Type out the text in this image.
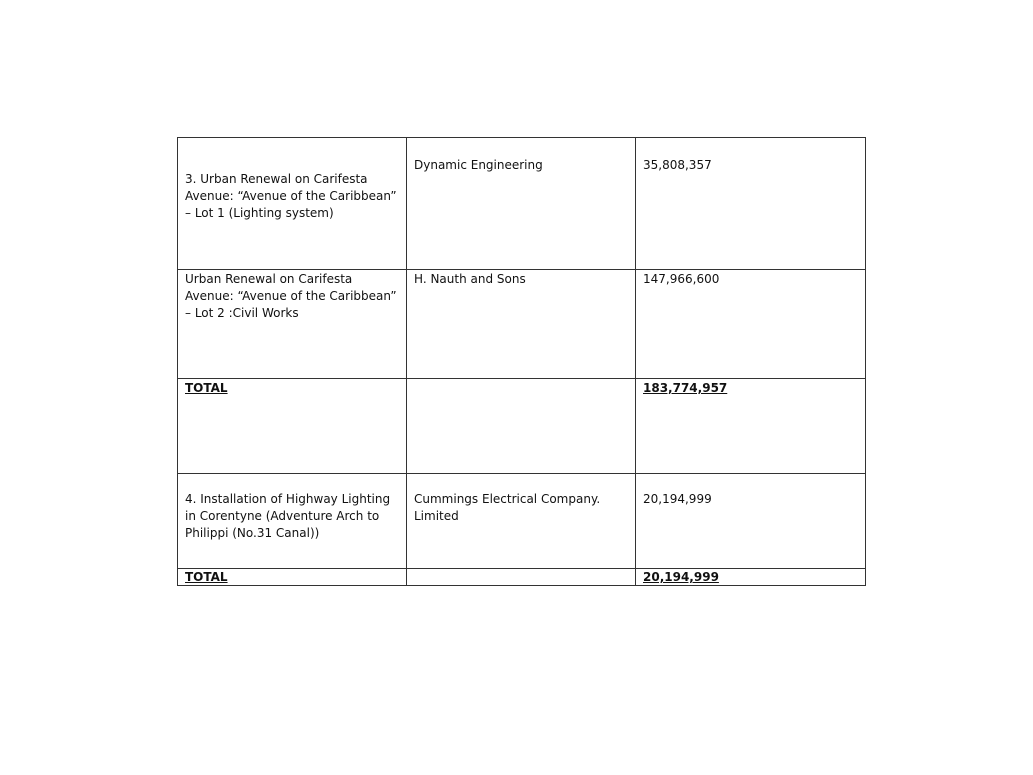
3. Urban Renewal on Carifesta Avenue: “Avenue of the Caribbean” – Lot 1 (Lighting system)	Dynamic Engineering	35,808,357
Urban Renewal on Carifesta Avenue: “Avenue of the Caribbean” – Lot 2 :Civil Works	H. Nauth and Sons	147,966,600
TOTAL		183,774,957
4. Installation of Highway Lighting in Corentyne (Adventure Arch to Philippi (No.31 Canal))	Cummings Electrical Company. Limited	20,194,999
TOTAL		20,194,999
